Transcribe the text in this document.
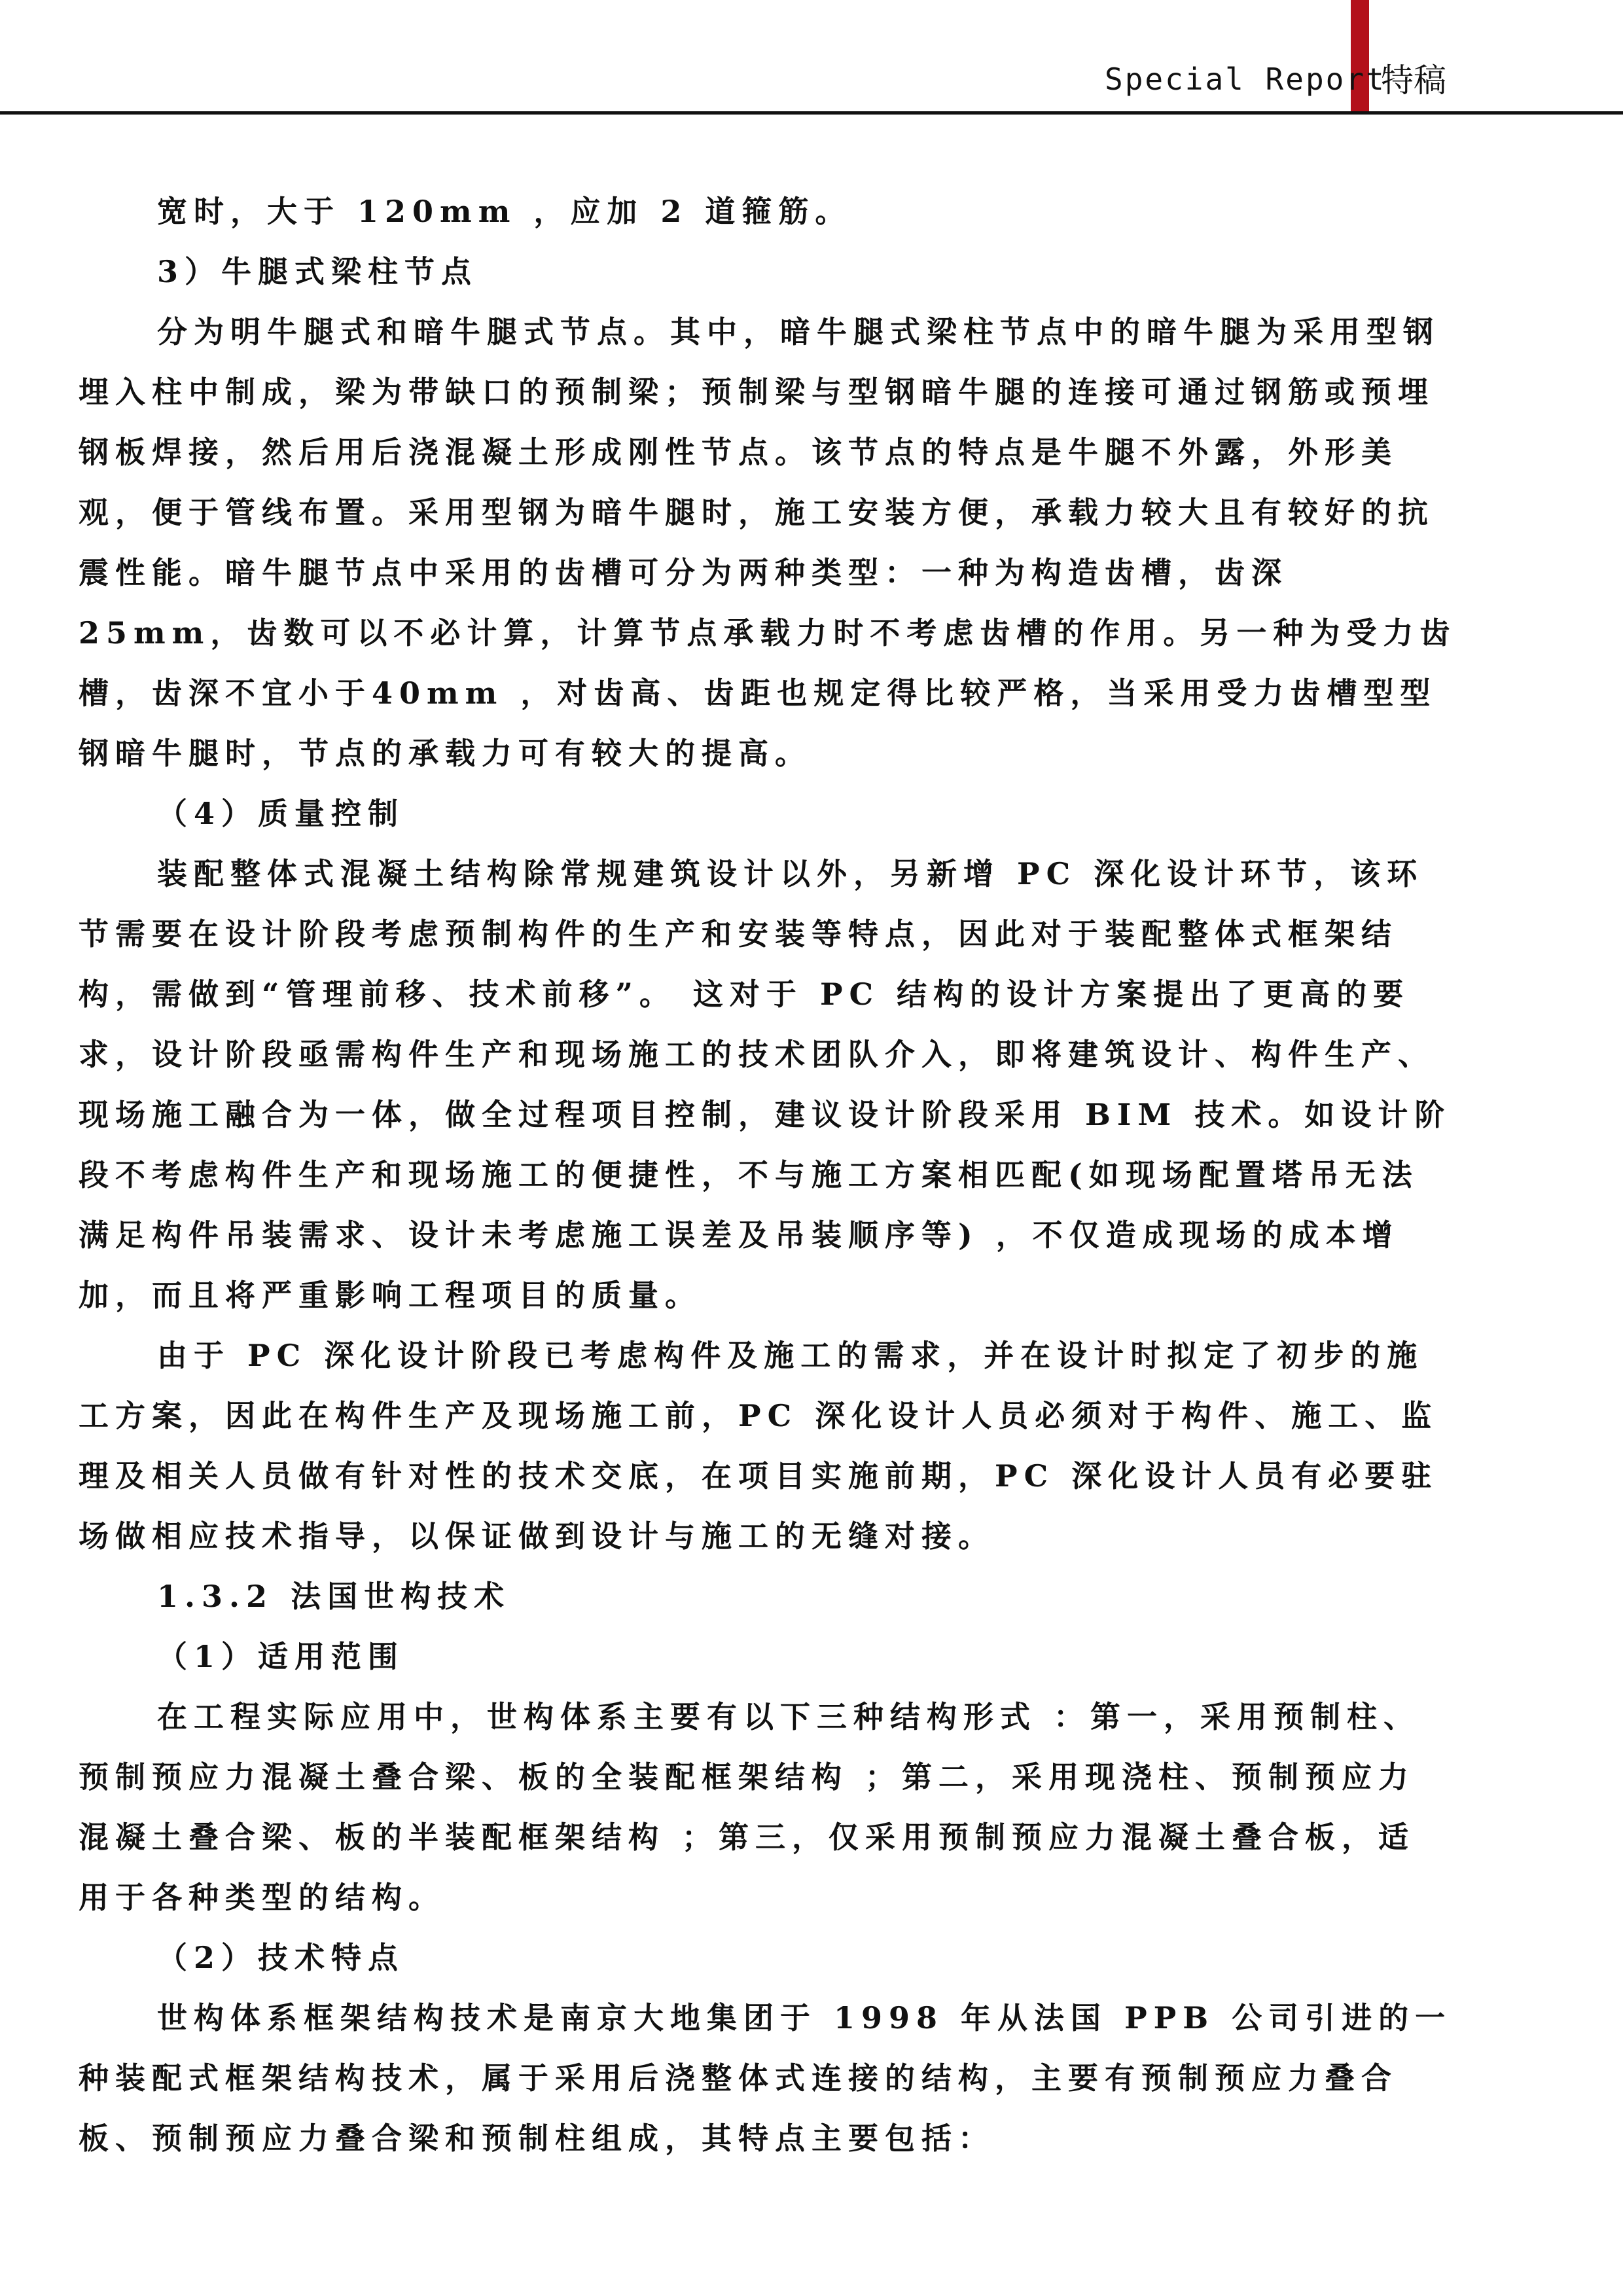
Special Report
特稿

宽时，大于 120mm ，应加 2 道箍筋。

3）牛腿式梁柱节点

分为明牛腿式和暗牛腿式节点。其中，暗牛腿式梁柱节点中的暗牛腿为采用型钢

埋入柱中制成，梁为带缺口的预制梁；预制梁与型钢暗牛腿的连接可通过钢筋或预埋

钢板焊接，然后用后浇混凝土形成刚性节点。该节点的特点是牛腿不外露，外形美

观，便于管线布置。采用型钢为暗牛腿时，施工安装方便，承载力较大且有较好的抗

震性能。暗牛腿节点中采用的齿槽可分为两种类型：一种为构造齿槽，齿深

25mm，齿数可以不必计算，计算节点承载力时不考虑齿槽的作用。另一种为受力齿

槽，齿深不宜小于40mm ，对齿高、齿距也规定得比较严格，当采用受力齿槽型型

钢暗牛腿时，节点的承载力可有较大的提高。

（4）质量控制

装配整体式混凝土结构除常规建筑设计以外，另新增 PC 深化设计环节，该环

节需要在设计阶段考虑预制构件的生产和安装等特点，因此对于装配整体式框架结

构，需做到“管理前移、技术前移”。 这对于 PC 结构的设计方案提出了更高的要

求，设计阶段亟需构件生产和现场施工的技术团队介入，即将建筑设计、构件生产、

现场施工融合为一体，做全过程项目控制，建议设计阶段采用 BIM 技术。如设计阶

段不考虑构件生产和现场施工的便捷性，不与施工方案相匹配(如现场配置塔吊无法

满足构件吊装需求、设计未考虑施工误差及吊装顺序等) ，不仅造成现场的成本增

加，而且将严重影响工程项目的质量。

由于 PC 深化设计阶段已考虑构件及施工的需求，并在设计时拟定了初步的施

工方案，因此在构件生产及现场施工前，PC 深化设计人员必须对于构件、施工、监

理及相关人员做有针对性的技术交底，在项目实施前期，PC 深化设计人员有必要驻

场做相应技术指导，以保证做到设计与施工的无缝对接。

1.3.2 法国世构技术

（1）适用范围

在工程实际应用中，世构体系主要有以下三种结构形式 ：第一，采用预制柱、

预制预应力混凝土叠合梁、板的全装配框架结构 ；第二，采用现浇柱、预制预应力

混凝土叠合梁、板的半装配框架结构 ；第三，仅采用预制预应力混凝土叠合板，适

用于各种类型的结构。

（2）技术特点

世构体系框架结构技术是南京大地集团于 1998 年从法国 PPB 公司引进的一

种装配式框架结构技术，属于采用后浇整体式连接的结构，主要有预制预应力叠合

板、预制预应力叠合梁和预制柱组成，其特点主要包括：
